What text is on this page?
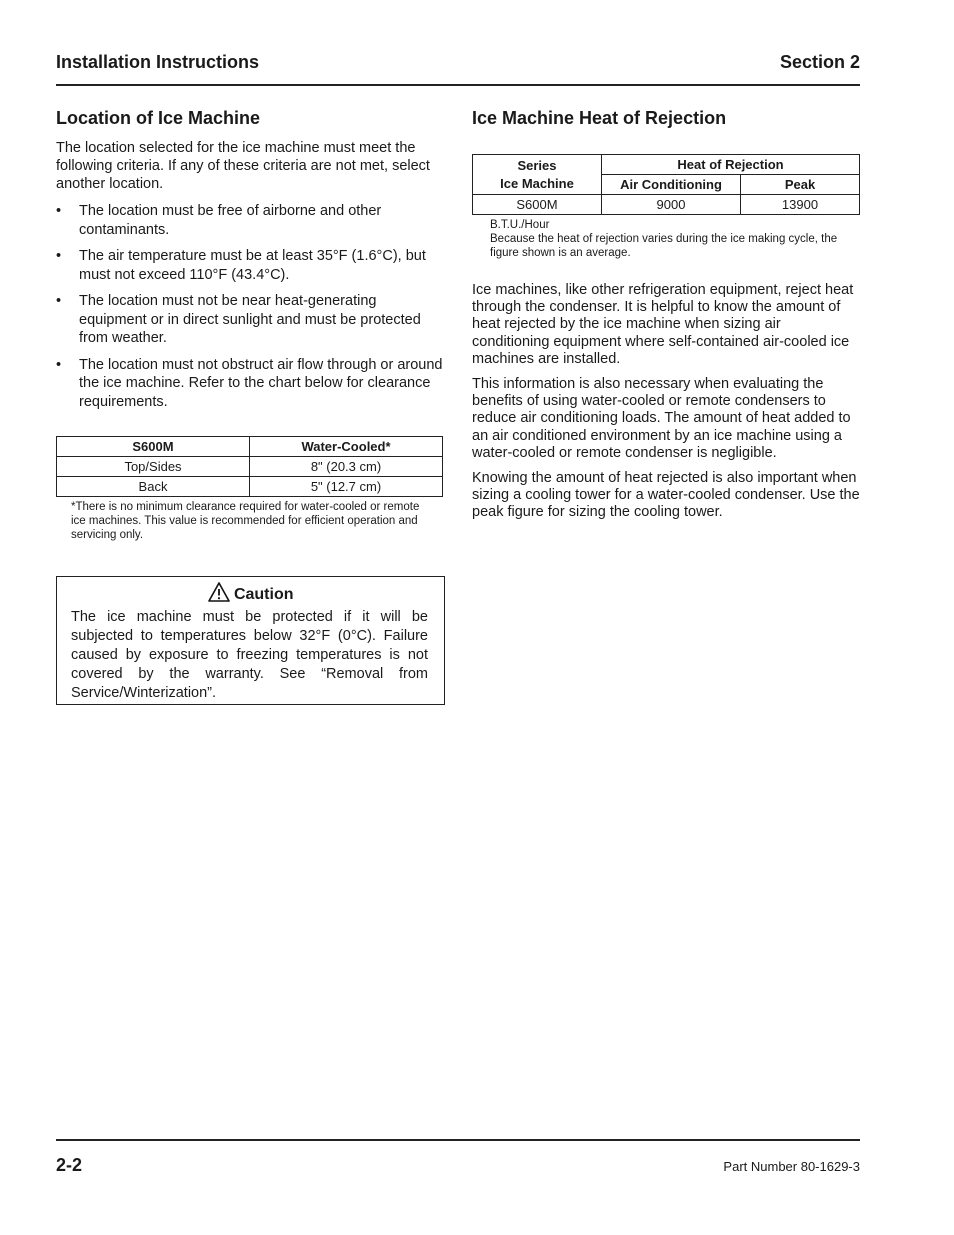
Installation Instructions	Section 2
Location of Ice Machine

The location selected for the ice machine must meet the following criteria. If any of these criteria are not met, select another location.

• The location must be free of airborne and other contaminants.
• The air temperature must be at least 35°F (1.6°C), but must not exceed 110°F (43.4°C).
• The location must not be near heat-generating equipment or in direct sunlight and must be protected from weather.
• The location must not obstruct air flow through or around the ice machine. Refer to the chart below for clearance requirements.
S600M	Water-Cooled*
Top/Sides	8" (20.3 cm)
Back	5" (12.7 cm)
*There is no minimum clearance required for water-cooled or remote ice machines. This value is recommended for efficient operation and servicing only.
Caution
The ice machine must be protected if it will be subjected to temperatures below 32°F (0°C). Failure caused by exposure to freezing temperatures is not covered by the warranty. See “Removal from Service/Winterization”.
Ice Machine Heat of Rejection
Series
Ice Machine	Heat of Rejection	
	Air Conditioning	Peak
S600M	9000	13900
B.T.U./Hour
Because the heat of rejection varies during the ice making cycle, the figure shown is an average.

Ice machines, like other refrigeration equipment, reject heat through the condenser. It is helpful to know the amount of heat rejected by the ice machine when sizing air conditioning equipment where self-contained air-cooled ice machines are installed.

This information is also necessary when evaluating the benefits of using water-cooled or remote condensers to reduce air conditioning loads. The amount of heat added to an air conditioned environment by an ice machine using a water-cooled or remote condenser is negligible.

Knowing the amount of heat rejected is also important when sizing a cooling tower for a water-cooled condenser. Use the peak figure for sizing the cooling tower.

2-2	Part Number 80-1629-3
